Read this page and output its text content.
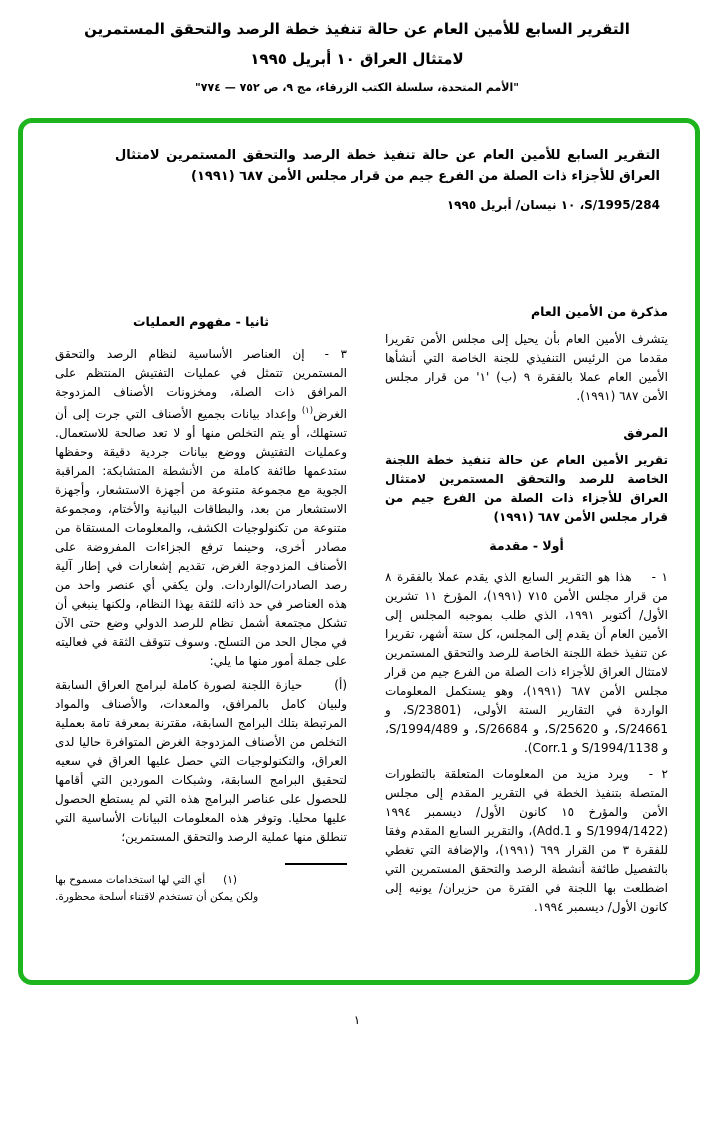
التقرير السابع للأمين العام عن حالة تنفيذ خطة الرصد والتحقق المستمرين
لامتثال العراق ١٠ أبريل ١٩٩٥
"الأمم المتحدة، سلسلة الكتب الزرقاء، مج ٩، ص ٧٥٢ — ٧٧٤"
التقرير السابع للأمين العام عن حالة تنفيذ خطة الرصد والتحقق المستمرين لامتثال العراق للأجزاء ذات الصلة من الفرع جيم من قرار مجلس الأمن ٦٨٧ (١٩٩١)
S/1995/284، ١٠ نيسان/ أبريل ١٩٩٥
مذكرة من الأمين العام

يتشرف الأمين العام بأن يحيل إلى مجلس الأمن تقريرا مقدما من الرئيس التنفيذي للجنة الخاصة التي أنشأها الأمين العام عملا بالفقرة ٩ (ب) '١' من قرار مجلس الأمن ٦٨٧ (١٩٩١).

المرفق

تقرير الأمين العام عن حالة تنفيذ خطة اللجنة الخاصة للرصد والتحقق المستمرين لامتثال العراق للأجزاء ذات الصلة من الفرع جيم من قرار مجلس الأمن ٦٨٧ (١٩٩١)

أولا - مقدمة

١ -هذا هو التقرير السابع الذي يقدم عملا بالفقرة ٨ من قرار مجلس الأمن ٧١٥ (١٩٩١)، المؤرخ ١١ تشرين الأول/ أكتوبر ١٩٩١، الذي طلب بموجبه المجلس إلى الأمين العام أن يقدم إلى المجلس، كل ستة أشهر، تقريرا عن تنفيذ خطة اللجنة الخاصة للرصد والتحقق المستمرين لامتثال العراق للأجزاء ذات الصلة من الفرع جيم من قرار مجلس الأمن ٦٨٧ (١٩٩١)، وهو يستكمل المعلومات الواردة في التقارير الستة الأولى، (S/23801، و S/24661، و S/25620، و S/26684، و S/1994/489، و S/1994/1138 و Corr.1).

٢ -ويرد مزيد من المعلومات المتعلقة بالتطورات المتصلة بتنفيذ الخطة في التقرير المقدم إلى مجلس الأمن والمؤرخ ١٥ كانون الأول/ ديسمبر ١٩٩٤ (S/1994/1422 و Add.1)، والتقرير السابع المقدم وفقا للفقرة ٣ من القرار ٦٩٩ (١٩٩١)، والإضافة التي تغطي بالتفصيل طائفة أنشطة الرصد والتحقق المستمرين التي اضطلعت بها اللجنة في الفترة من حزيران/ يونيه إلى كانون الأول/ ديسمبر ١٩٩٤.

ثانيا - مفهوم العمليات

٣ -إن العناصر الأساسية لنظام الرصد والتحقق المستمرين تتمثل في عمليات التفتيش المنتظم على المرافق ذات الصلة، ومخزونات الأصناف المزدوجة الغرض$^{(١)}$ وإعداد بيانات بجميع الأصناف التي جرت إلى أن تستهلك، أو يتم التخلص منها أو لا تعد صالحة للاستعمال. وعمليات التفتيش ووضع بيانات جردية دقيقة وحفظها ستدعمها طائفة كاملة من الأنشطة المتشابكة: المراقبة الجوية مع مجموعة متنوعة من أجهزة الاستشعار، وأجهزة الاستشعار من بعد، والبطاقات البيانية والأختام، ومجموعة متنوعة من تكنولوجيات الكشف، والمعلومات المستقاة من مصادر أخرى، وحينما ترفع الجزاءات المفروضة على الأصناف المزدوجة الغرض، تقديم إشعارات في إطار آلية رصد الصادرات/الواردات. ولن يكفي أي عنصر واحد من هذه العناصر في حد ذاته للثقة بهذا النظام، ولكنها ينبغي أن تشكل مجتمعة أشمل نظام للرصد الدولي وضع حتى الآن في مجال الحد من التسلح. وسوف تتوقف الثقة في فعاليته على جملة أمور منها ما يلي:

(أ)حيازة اللجنة لصورة كاملة لبرامج العراق السابقة ولبيان كامل بالمرافق، والمعدات، والأصناف والمواد المرتبطة بتلك البرامج السابقة، مقترنة بمعرفة تامة بعملية التخلص من الأصناف المزدوجة الغرض المتوافرة حاليا لدى العراق، والتكنولوجيات التي حصل عليها العراق في سعيه لتحقيق البرامج السابقة، وشبكات الموردين التي أقامها للحصول على عناصر البرامج هذه التي لم يستطع الحصول عليها محليا. وتوفر هذه المعلومات البيانات الأساسية التي تنطلق منها عملية الرصد والتحقق المستمرين؛

(١)أي التي لها استخدامات مسموح بها ولكن يمكن أن تستخدم لاقتناء أسلحة محظورة.
١
